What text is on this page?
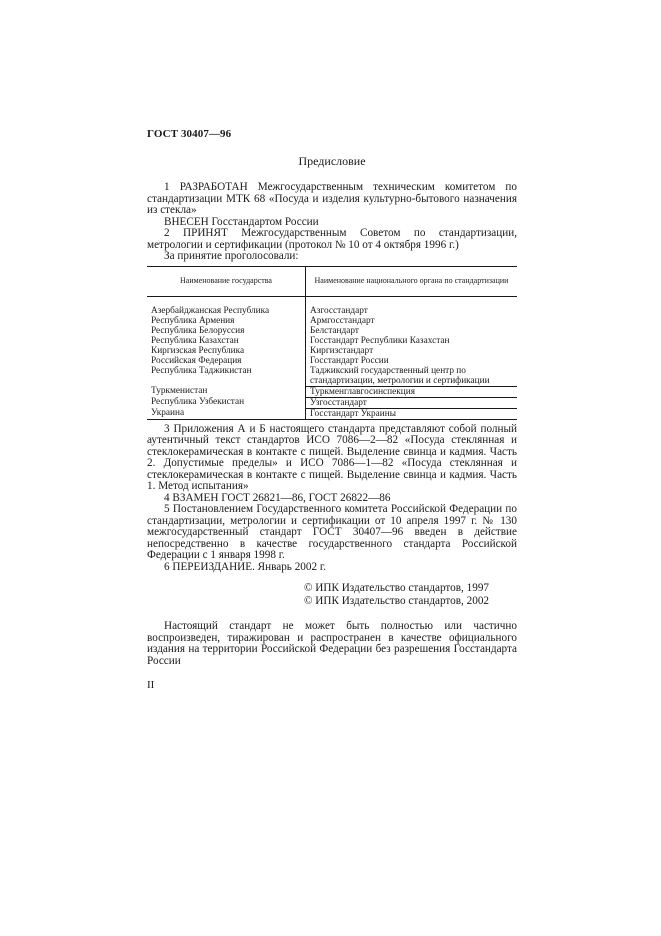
ГОСТ 30407—96
Предисловие

1 РАЗРАБОТАН Межгосударственным техническим комитетом по стандартизации МТК 68 «Посуда и изделия культурно-бытового назначения из стекла»

ВНЕСЕН Госстандартом России

2 ПРИНЯТ Межгосударственным Советом по стандартизации, метрологии и сертификации (протокол № 10 от 4 октября 1996 г.)

За принятие проголосовали:

Наименование государства	Наименование национального органа по стандартизации

Азербайджанская Республика	Азгосстандарт
Республика Армения	Армгосстандарт
Республика Белоруссия	Белстандарт
Республика Казахстан	Госстандарт Республики Казахстан
Киргизская Республика	Киргизстандарт
Российская Федерация	Госстандарт России
Республика Таджикистан	Таджикский государственный центр по стандартизации, метрологии и сертификации
Туркменистан	Туркменглавгосинспекция
Республика Узбекистан	Узгосстандарт
Украина	Госстандарт Украины

3 Приложения А и Б настоящего стандарта представляют собой полный аутентичный текст стандартов ИСО 7086—2—82 «Посуда стеклянная и стеклокерамическая в контакте с пищей. Выделение свинца и кадмия. Часть 2. Допустимые пределы» и ИСО 7086—1—82 «Посуда стеклянная и стеклокерамическая в контакте с пищей. Выделение свинца и кадмия. Часть 1. Метод испытания»

4 ВЗАМЕН ГОСТ 26821—86, ГОСТ 26822—86

5 Постановлением Государственного комитета Российской Федерации по стандартизации, метрологии и сертификации от 10 апреля 1997 г. № 130 межгосударственный стандарт ГОСТ 30407—96 введен в действие непосредственно в качестве государственного стандарта Российской Федерации с 1 января 1998 г.

6 ПЕРЕИЗДАНИЕ. Январь 2002 г.

© ИПК Издательство стандартов, 1997
© ИПК Издательство стандартов, 2002

Настоящий стандарт не может быть полностью или частично воспроизведен, тиражирован и распространен в качестве официального издания на территории Российской Федерации без разрешения Госстандарта России

II
